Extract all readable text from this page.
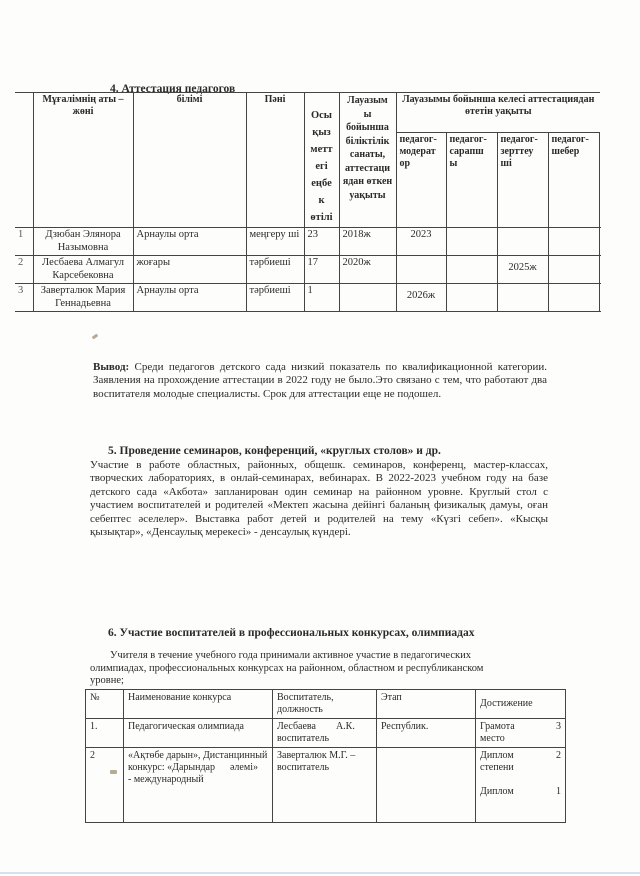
4. Аттестация педагогов
	Мұғалімнің аты – жөні	білімі	Пәні	Осы қыз метт егі еңбе к өтілі	Лауазым ы бойынша біліктілік санаты, аттестаци ядан өткен уақыты	Лауазымы бойынша келесі аттестациядан өтетін уақыты				
						педагог-модерат ор	педагог-сарапш ы	педагог-зерттеу ші	педагог-шебер	
1	Дзюбан Элянора Назымовна	Арнаулы орта	меңгеру ші	23	2018ж	2023				
2	Лесбаева Алмагул Карсебековна	жоғары	тәрбиеші	17	2020ж			2025ж		
3	Заверталюк Мария Геннадьевна	Арнаулы орта	тәрбиеші	1		2026ж				
Вывод: Среди педагогов детского сада низкий показатель по квалификационной категории. Заявления на прохождение аттестации в 2022 году не было.Это связано с тем, что работают два воспитателя молодые специалисты. Срок для аттестации еще не подошел.
5. Проведение семинаров, конференций, «круглых столов» и др.
Участие в работе областных, районных, общешк. семинаров, конференц, мастер-классах, творческих лабораториях, в онлай-семинарах, вебинарах. В 2022-2023 учебном году на базе детского сада «Акбота» запланирован один семинар на районном уровне. Круглый стол с участием воспитателей и родителей «Мектеп жасына дейінгі баланың физикалық дамуы, оған себептес әселелер». Выставка работ детей и родителей на тему «Күзгі себеп». «Кысқы қызықтар», «Денсаулық мерекесі» - денсаулық күндері.
6. Участие воспитателей в профессиональных конкурсах, олимпиадах
Учителя в течение учебного года принимали активное участие в педагогических олимпиадах, профессиональных конкурсах на районном, областном и республиканском уровне;
№	Наименование конкурса	Воспитатель, должность	Этап	Достижение
1.	Педагогическая олимпиада	Лесбаева        А.К. воспитатель	Республик.	Грамота 3
место

2	«Ақтөбе дарын», Дистанцинный конкурс: «Дарындар      әлемі»     - международный	Заверталюк М.Г. – воспитатель		Диплом 2
степени
Диплом 1
